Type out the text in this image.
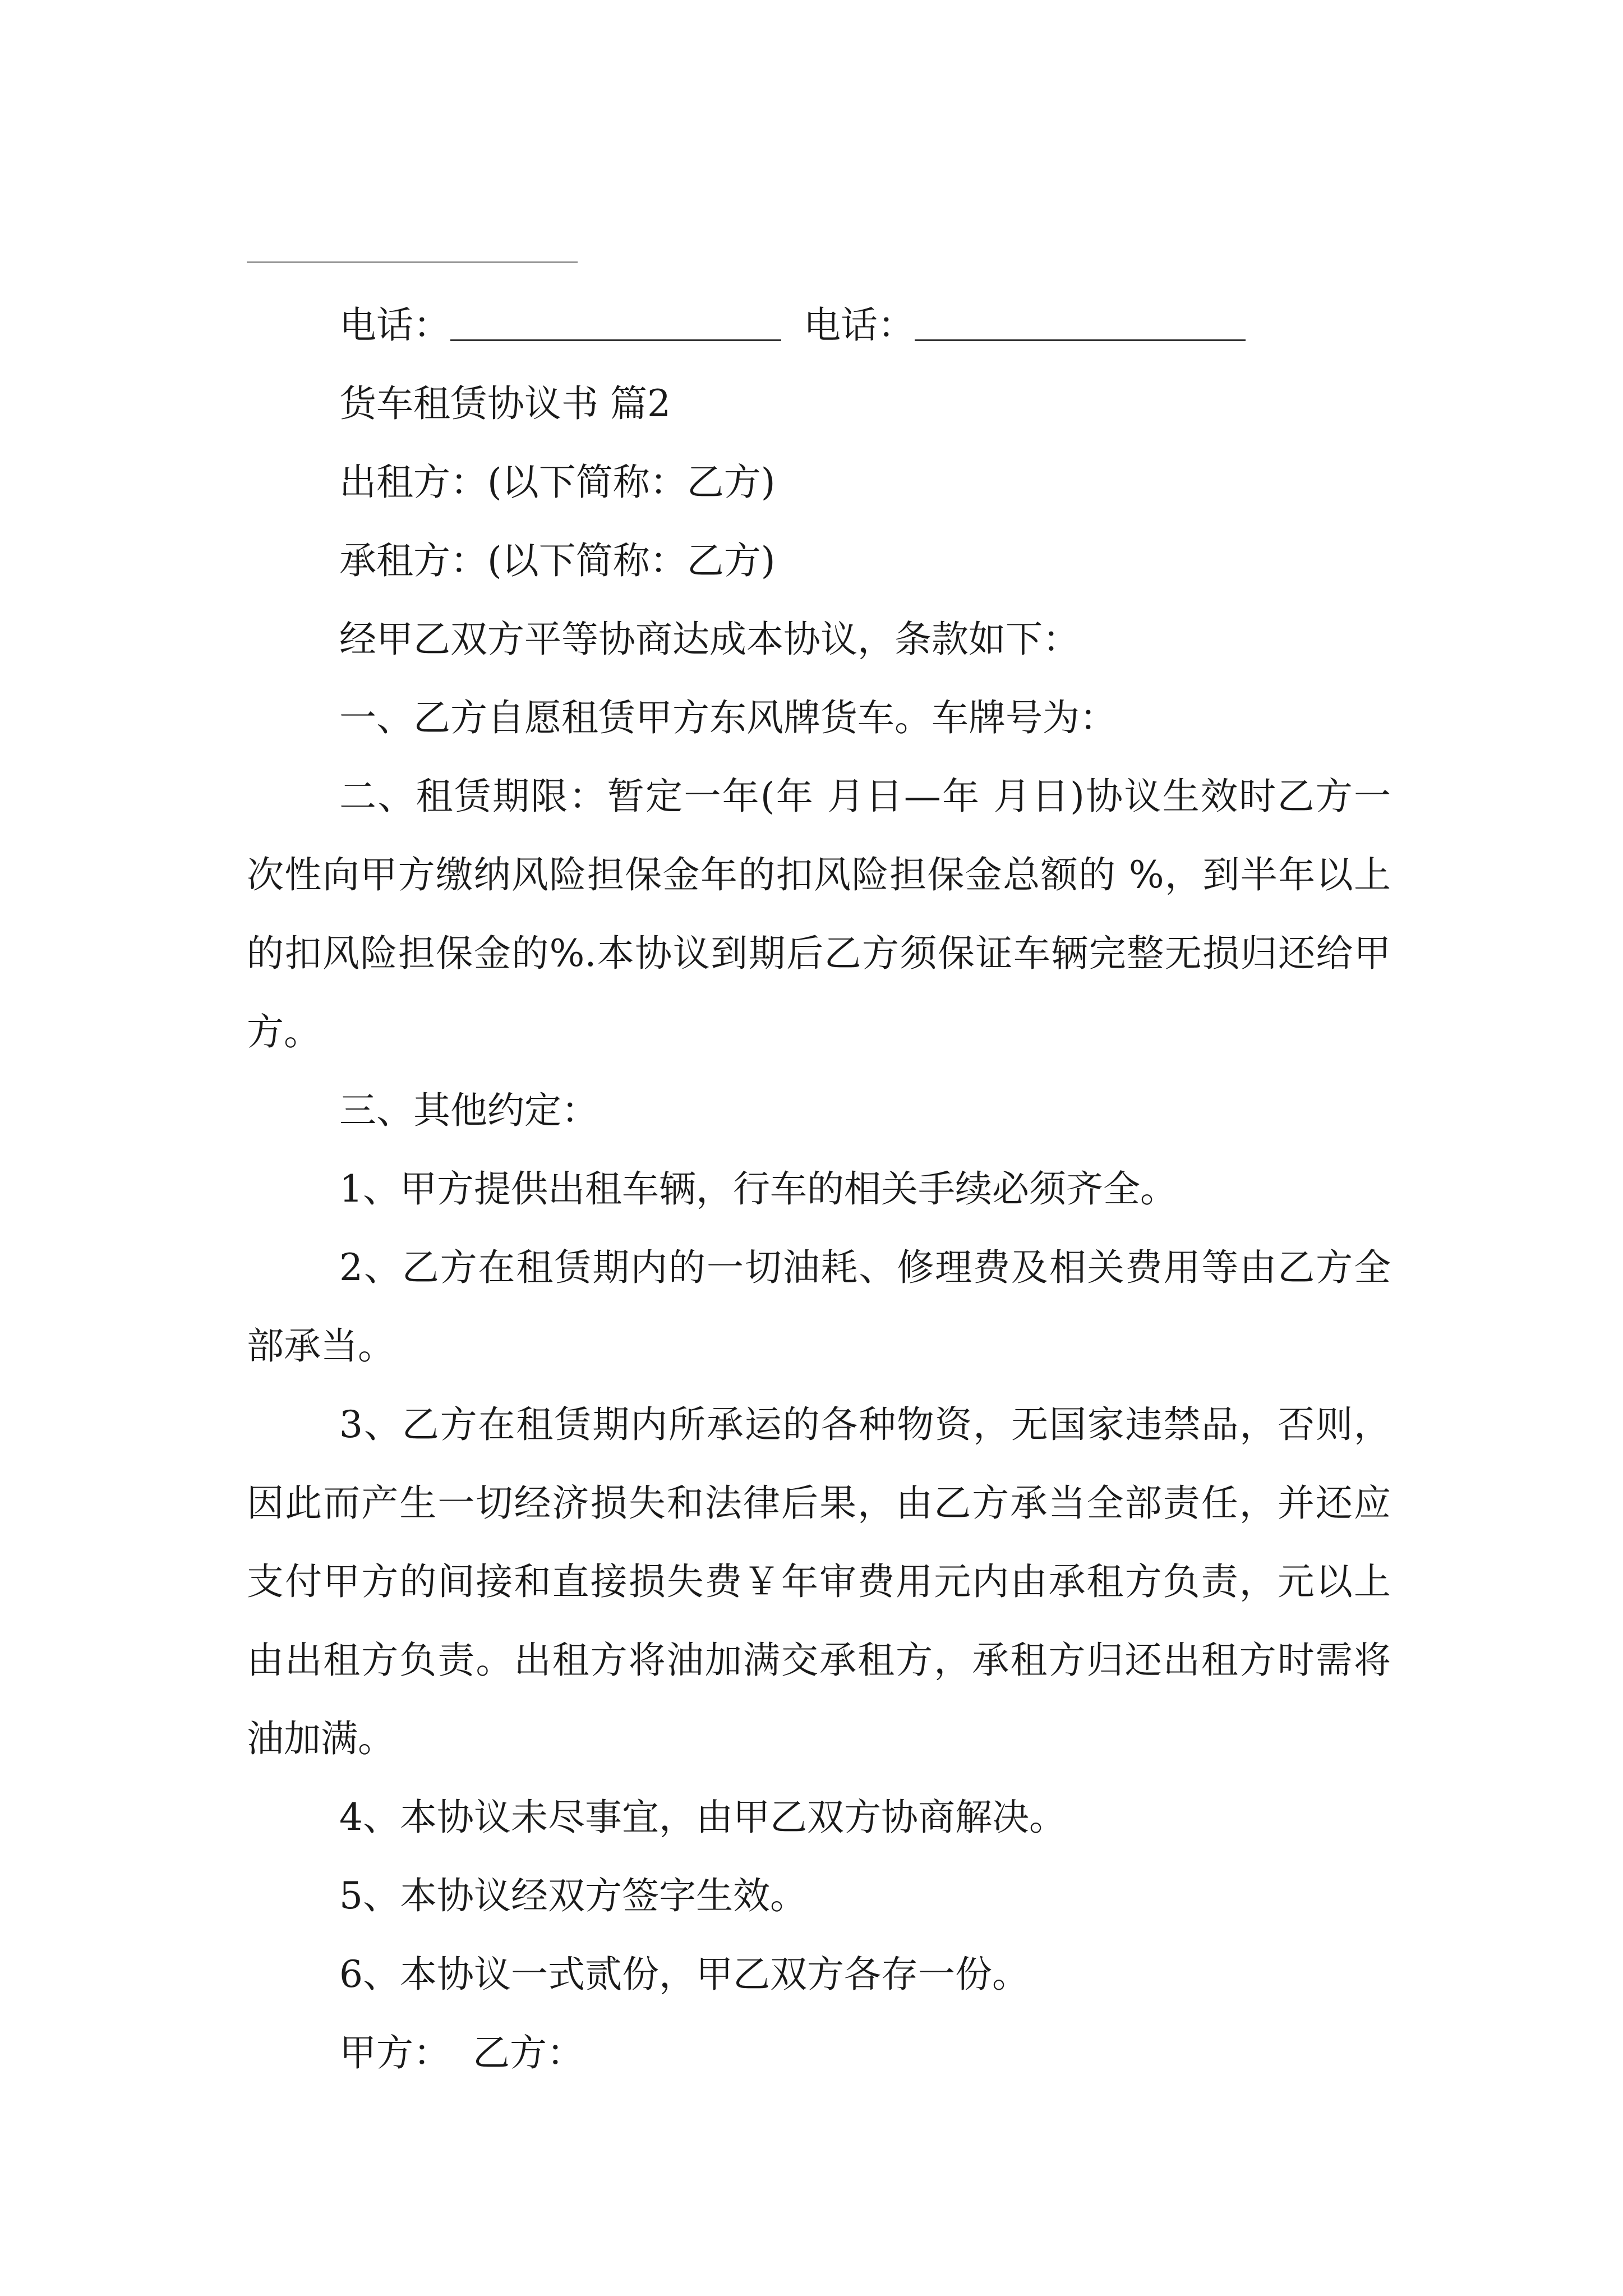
电话：	电话：

货车租赁协议书 篇2

出租方：(以下简称：乙方)

承租方：(以下简称：乙方)

经甲乙双方平等协商达成本协议，条款如下：

一、乙方自愿租赁甲方东风牌货车。车牌号为：

二、租赁期限：暂定一年(年 月日—年 月日)协议生效时乙方一次性向甲方缴纳风险担保金年的扣风险担保金总额的 %，到半年以上的扣风险担保金的%.本协议到期后乙方须保证车辆完整无损归还给甲方。

三、其他约定：

1、甲方提供出租车辆，行车的相关手续必须齐全。

2、乙方在租赁期内的一切油耗、修理费及相关费用等由乙方全部承当。

3、乙方在租赁期内所承运的各种物资，无国家违禁品，否则，因此而产生一切经济损失和法律后果，由乙方承当全部责任，并还应支付甲方的间接和直接损失费￥年审费用元内由承租方负责，元以上由出租方负责。出租方将油加满交承租方，承租方归还出租方时需将油加满。

4、本协议未尽事宜，由甲乙双方协商解决。

5、本协议经双方签字生效。

6、本协议一式贰份，甲乙双方各存一份。

甲方： 乙方：
